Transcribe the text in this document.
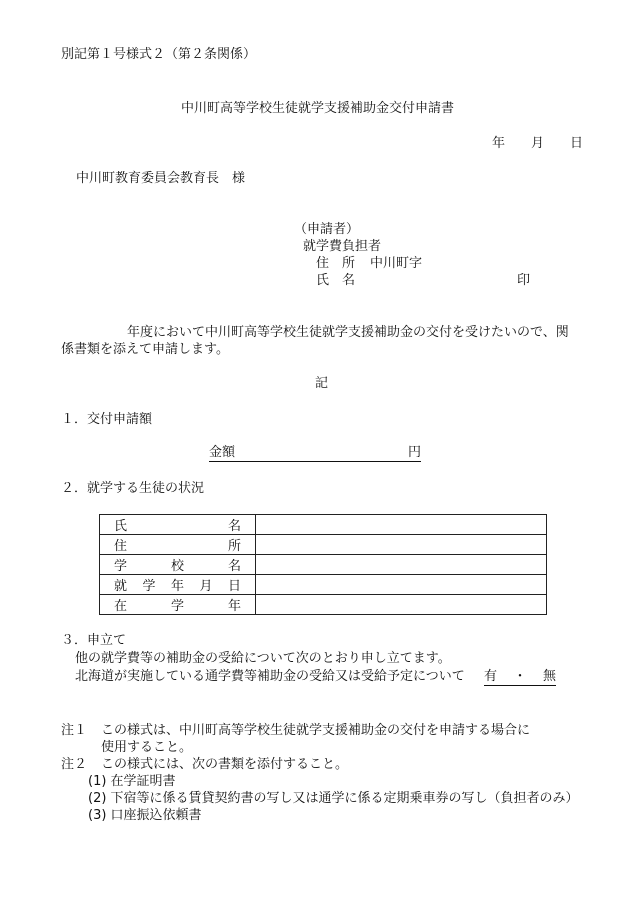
別記第１号様式２（第２条関係）
中川町高等学校生徒就学支援補助金交付申請書
年 月 日
中川町教育委員会教育長　様
（申請者）
就学費負担者
住　所 中川町字
氏　名	印
年度において中川町高等学校生徒就学支援補助金の交付を受けたいので、関
係書類を添えて申請します。
記
１．交付申請額
金額	円
２．就学する生徒の状況
氏 名	

住 所	

学 校 名	

就 学 年 月 日	

在 学 年	

３．申立て
他の就学費等の補助金の受給について次のとおり申し立てます。
北海道が実施している通学費等補助金の受給又は受給予定について 有 ・ 無
注１ この様式は、中川町高等学校生徒就学支援補助金の交付を申請する場合に
使用すること。
注２ この様式には、次の書類を添付すること。
(1) 在学証明書
(2) 下宿等に係る賃貸契約書の写し又は通学に係る定期乗車券の写し（負担者のみ）
(3) 口座振込依頼書
